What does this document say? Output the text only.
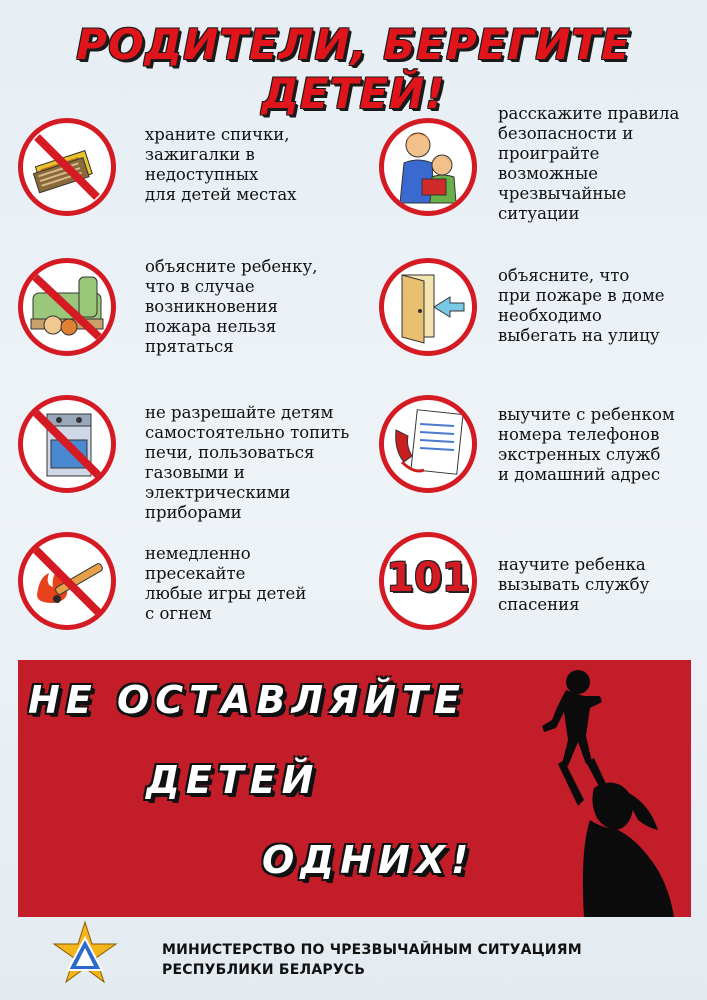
РОДИТЕЛИ, БЕРЕГИТЕ ДЕТЕЙ!
храните спички,
зажигалки в
недоступных
для детей местах
объясните ребенку,
что в случае
возникновения
пожара нельзя
прятаться
не разрешайте детям
самостоятельно топить
печи, пользоваться
газовыми и
электрическими
приборами
немедленно
пресекайте
любые игры детей
с огнем
расскажите правила
безопасности и
проиграйте
возможные
чрезвычайные
ситуации
объясните, что
при пожаре в доме
необходимо
выбегать на улицу
выучите с ребенком
номера телефонов
экстренных служб
и домашний адрес
101 научите ребенка
вызывать службу
спасения
НЕ ОСТАВЛЯЙТЕ
ДЕТЕЙ
ОДНИХ!
МИНИСТЕРСТВО ПО ЧРЕЗВЫЧАЙНЫМ СИТУАЦИЯМ
РЕСПУБЛИКИ БЕЛАРУСЬ
